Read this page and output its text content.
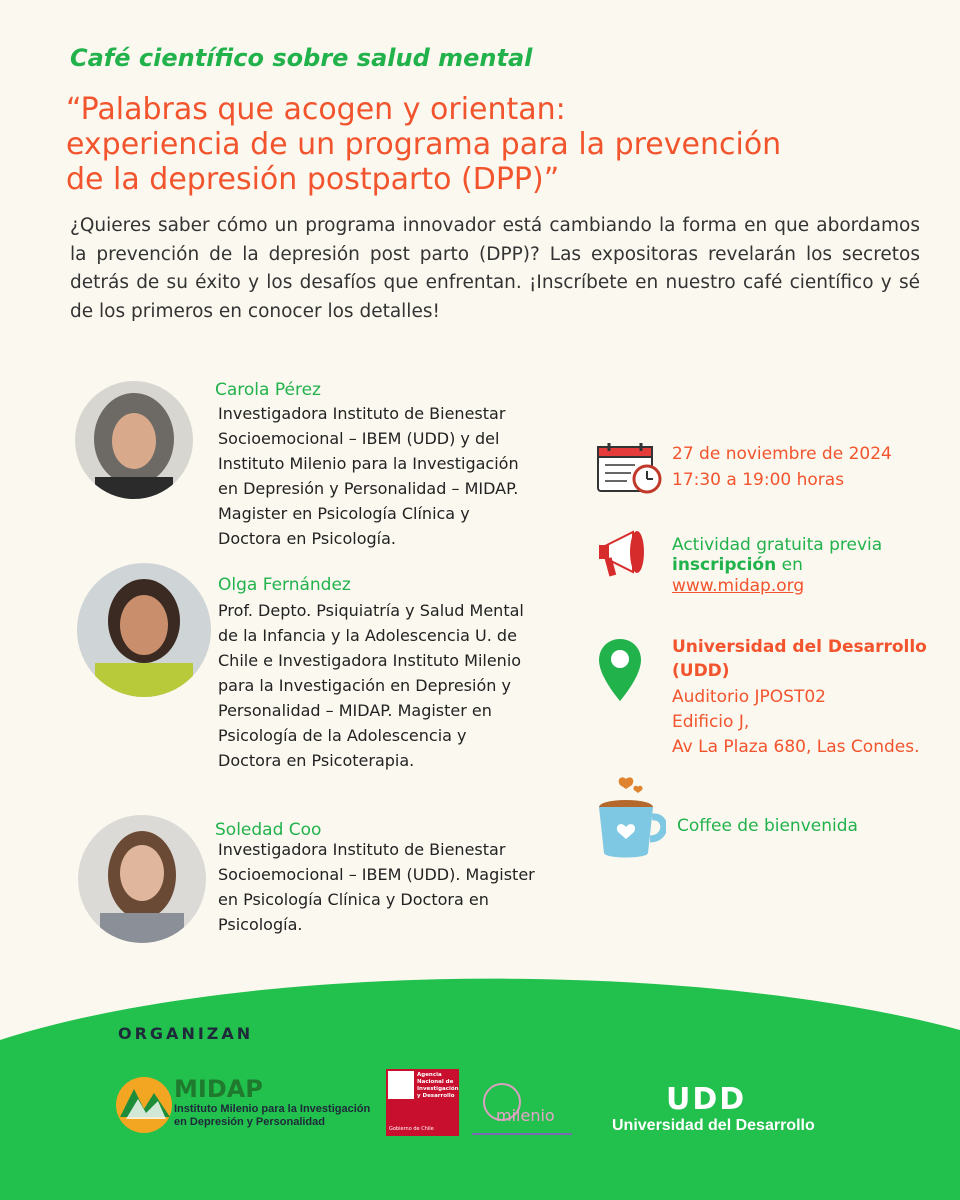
Café científico sobre salud mental
“Palabras que acogen y orientan:
experiencia de un programa para la prevención
de la depresión postparto (DPP)”
¿Quieres saber cómo un programa innovador está cambiando la forma en que abordamos la prevención de la depresión post parto (DPP)? Las expositoras revelarán los secretos detrás de su éxito y los desafíos que enfrentan. ¡Inscríbete en nuestro café científico y sé de los primeros en conocer los detalles!
Carola Pérez
Investigadora Instituto de Bienestar
Socioemocional – IBEM (UDD) y del
Instituto Milenio para la Investigación
en Depresión y Personalidad – MIDAP.
Magister en Psicología Clínica y
Doctora en Psicología.
Olga Fernández
Prof. Depto. Psiquiatría y Salud Mental
de la Infancia y la Adolescencia U. de
Chile e Investigadora Instituto Milenio
para la Investigación en Depresión y
Personalidad – MIDAP. Magister en
Psicología de la Adolescencia y
Doctora en Psicoterapia.
Soledad Coo
Investigadora Instituto de Bienestar
Socioemocional – IBEM (UDD). Magister
en Psicología Clínica y Doctora en
Psicología.
27 de noviembre de 2024
17:30 a 19:00 horas
Actividad gratuita previa
inscripción en
www.midap.org
Universidad del Desarrollo
(UDD)
Auditorio JPOST02
Edificio J,
Av La Plaza 680, Las Condes.
Coffee de bienvenida
ORGANIZAN
MIDAP
Instituto Milenio para la Investigación
en Depresión y Personalidad
Agencia
Nacional de
Investigación
y Desarrollo
Gobierno de Chile
milenio	UDD
Universidad del Desarrollo
